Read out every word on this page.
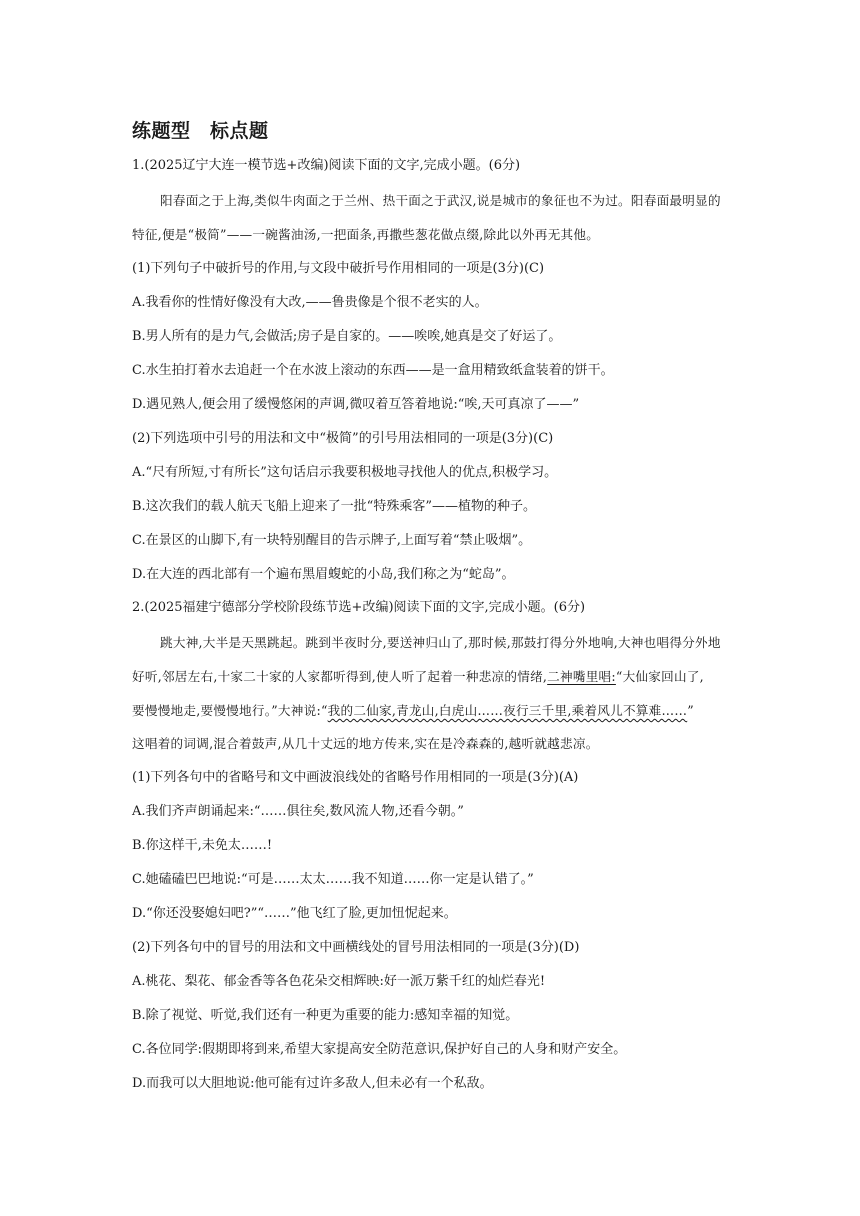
练题型　标点题
1.(2025辽宁大连一模节选+改编)阅读下面的文字,完成小题。(6分)
阳春面之于上海,类似牛肉面之于兰州、热干面之于武汉,说是城市的象征也不为过。阳春面最明显的
特征,便是“极简”——一碗酱油汤,一把面条,再撒些葱花做点缀,除此以外再无其他。
(1)下列句子中破折号的作用,与文段中破折号作用相同的一项是(3分)(C)
A.我看你的性情好像没有大改,——鲁贵像是个很不老实的人。
B.男人所有的是力气,会做活;房子是自家的。——唉唉,她真是交了好运了。
C.水生拍打着水去追赶一个在水波上滚动的东西——是一盒用精致纸盒装着的饼干。
D.遇见熟人,便会用了缓慢悠闲的声调,微叹着互答着地说:“唉,天可真凉了——”
(2)下列选项中引号的用法和文中“极简”的引号用法相同的一项是(3分)(C)
A.“尺有所短,寸有所长”这句话启示我要积极地寻找他人的优点,积极学习。
B.这次我们的载人航天飞船上迎来了一批“特殊乘客”——植物的种子。
C.在景区的山脚下,有一块特别醒目的告示牌子,上面写着“禁止吸烟”。
D.在大连的西北部有一个遍布黑眉蝮蛇的小岛,我们称之为“蛇岛”。
2.(2025福建宁德部分学校阶段练节选+改编)阅读下面的文字,完成小题。(6分)
跳大神,大半是天黑跳起。跳到半夜时分,要送神归山了,那时候,那鼓打得分外地响,大神也唱得分外地
好听,邻居左右,十家二十家的人家都听得到,使人听了起着一种悲凉的情绪,二神嘴里唱:“大仙家回山了,
要慢慢地走,要慢慢地行。”大神说:“我的二仙家,青龙山,白虎山……夜行三千里,乘着风儿不算难……”
这唱着的词调,混合着鼓声,从几十丈远的地方传来,实在是冷森森的,越听就越悲凉。
(1)下列各句中的省略号和文中画波浪线处的省略号作用相同的一项是(3分)(A)
A.我们齐声朗诵起来:“……俱往矣,数风流人物,还看今朝。”
B.你这样干,未免太……!
C.她磕磕巴巴地说:“可是……太太……我不知道……你一定是认错了。”
D.“你还没娶媳妇吧?”“……”他飞红了脸,更加忸怩起来。
(2)下列各句中的冒号的用法和文中画横线处的冒号用法相同的一项是(3分)(D)
A.桃花、梨花、郁金香等各色花朵交相辉映:好一派万紫千红的灿烂春光!
B.除了视觉、听觉,我们还有一种更为重要的能力:感知幸福的知觉。
C.各位同学:假期即将到来,希望大家提高安全防范意识,保护好自己的人身和财产安全。
D.而我可以大胆地说:他可能有过许多敌人,但未必有一个私敌。
